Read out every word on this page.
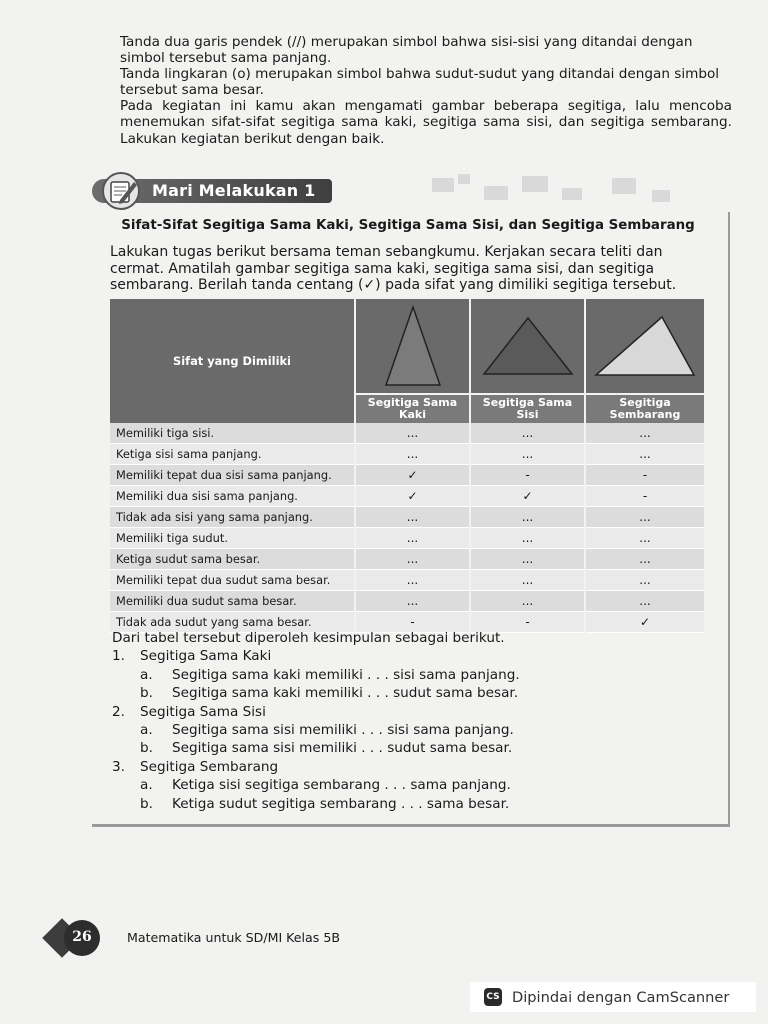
Tanda dua garis pendek (//) merupakan simbol bahwa sisi-sisi yang ditandai dengan simbol tersebut sama panjang.

Tanda lingkaran (o) merupakan simbol bahwa sudut-sudut yang ditandai dengan simbol tersebut sama besar.

Pada kegiatan ini kamu akan mengamati gambar beberapa segitiga, lalu mencoba menemukan sifat-sifat segitiga sama kaki, segitiga sama sisi, dan segitiga sembarang. Lakukan kegiatan berikut dengan baik.

Mari Melakukan 1
Sifat-Sifat Segitiga Sama Kaki, Segitiga Sama Sisi, dan Segitiga Sembarang

Lakukan tugas berikut bersama teman sebangkumu. Kerjakan secara teliti dan cermat. Amatilah gambar segitiga sama kaki, segitiga sama sisi, dan segitiga sembarang. Berilah tanda centang (✓) pada sifat yang dimiliki segitiga tersebut.

Sifat yang Dimiliki	

	Segitiga Sama Kaki	Segitiga Sama Sisi	Segitiga Sembarang
Memiliki tiga sisi.	...	...	...
Ketiga sisi sama panjang.	...	...	...
Memiliki tepat dua sisi sama panjang.	✓	-	-
Memiliki dua sisi sama panjang.	✓	✓	-
Tidak ada sisi yang sama panjang.	...	...	...
Memiliki tiga sudut.	...	...	...
Ketiga sudut sama besar.	...	...	...
Memiliki tepat dua sudut sama besar.	...	...	...
Memiliki dua sudut sama besar.	...	...	...
Tidak ada sudut yang sama besar.	-	-	✓

Dari tabel tersebut diperoleh kesimpulan sebagai berikut.

1.	Segitiga Sama Kaki
a.	Segitiga sama kaki memiliki . . . sisi sama panjang.
b.	Segitiga sama kaki memiliki . . . sudut sama besar.
2.	Segitiga Sama Sisi
a.	Segitiga sama sisi memiliki . . . sisi sama panjang.
b.	Segitiga sama sisi memiliki . . . sudut sama besar.
3.	Segitiga Sembarang
a.	Ketiga sisi segitiga sembarang . . . sama panjang.
b.	Ketiga sudut segitiga sembarang . . . sama besar.
26	Matematika untuk SD/MI Kelas 5B
CS Dipindai dengan CamScanner
